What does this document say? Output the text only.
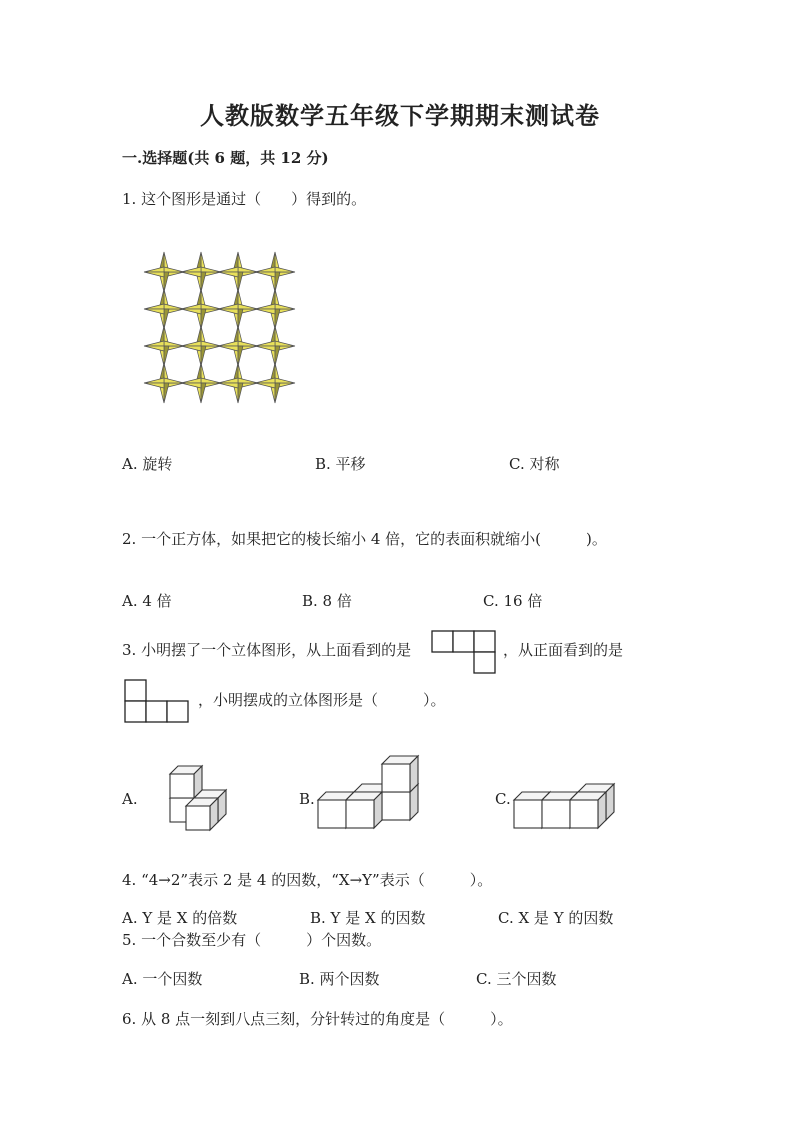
人教版数学五年级下学期期末测试卷
一.选择题(共 6 题，共 12 分)
1. 这个图形是通过（　　）得到的。
A. 旋转	B. 平移	C. 对称
2. 一个正方体，如果把它的棱长缩小 4 倍，它的表面积就缩小(　　　)。
A. 4 倍	B. 8 倍	C. 16 倍
3. 小明摆了一个立体图形，从上面看到的是	，从正面看到的是
，小明摆成的立体图形是（　　　）。
A.	B.	C.
4. “4→2”表示 2 是 4 的因数，“X→Y”表示（　　　）。
A. Y 是 X 的倍数	B. Y 是 X 的因数	C. X 是 Y 的因数
5. 一个合数至少有（　　　）个因数。
A. 一个因数	B. 两个因数	C. 三个因数
6. 从 8 点一刻到八点三刻，分针转过的角度是（　　　）。
